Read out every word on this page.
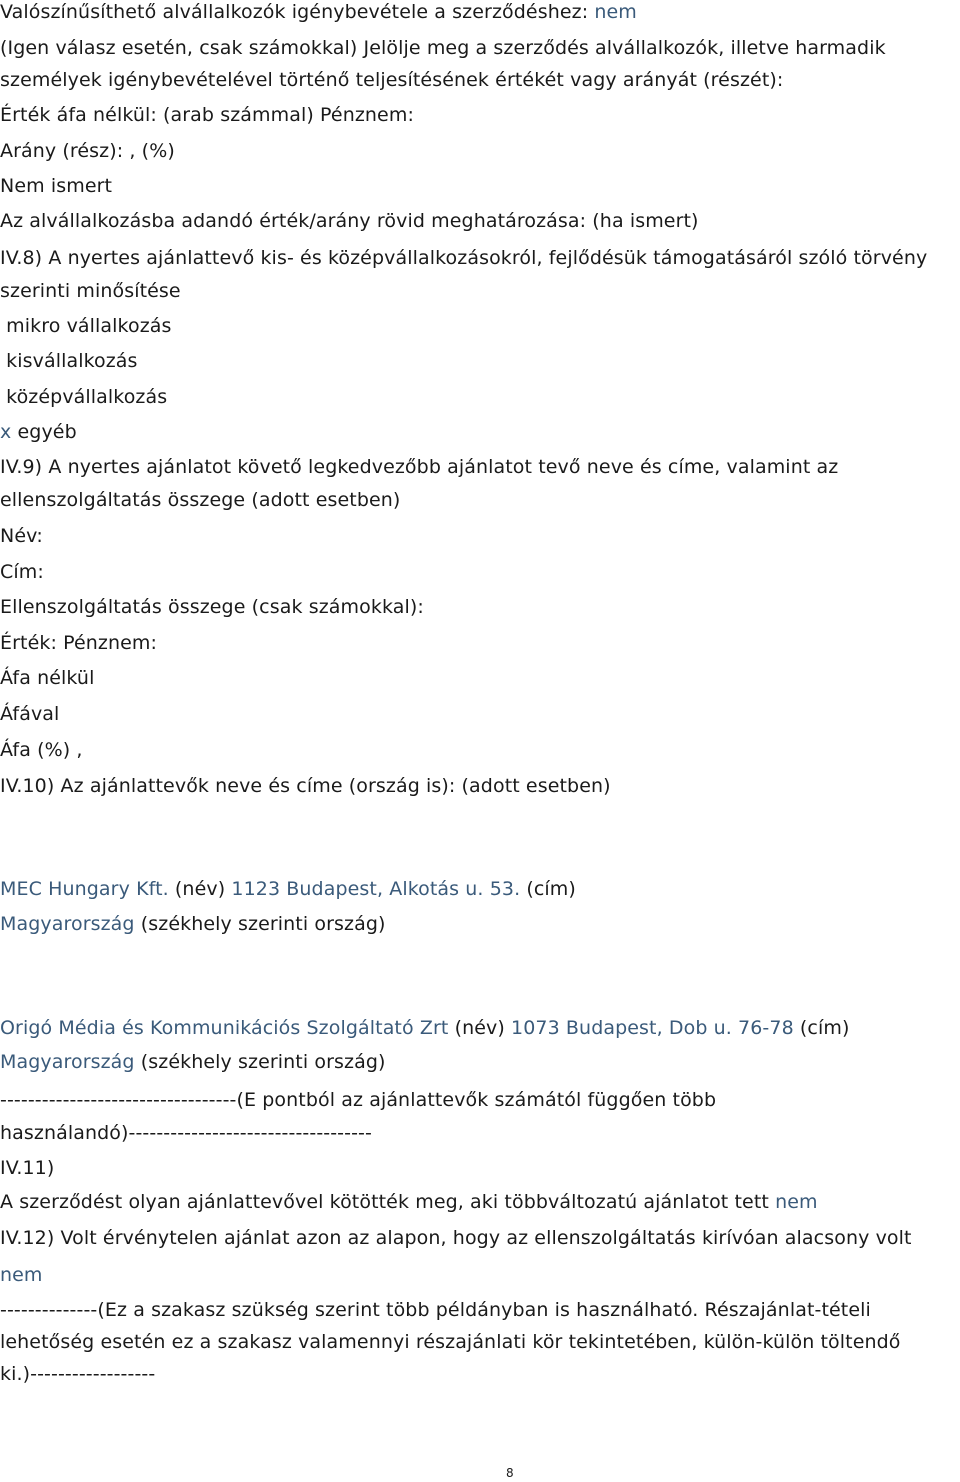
Valószínűsíthető alvállalkozók igénybevétele a szerződéshez: nem
(Igen válasz esetén, csak számokkal) Jelölje meg a szerződés alvállalkozók, illetve harmadik
személyek igénybevételével történő teljesítésének értékét vagy arányát (részét):
Érték áfa nélkül: (arab számmal) Pénznem:
Arány (rész): , (%)
Nem ismert
Az alvállalkozásba adandó érték/arány rövid meghatározása: (ha ismert)
IV.8) A nyertes ajánlattevő kis- és középvállalkozásokról, fejlődésük támogatásáról szóló törvény
szerinti minősítése
mikro vállalkozás
kisvállalkozás
középvállalkozás
x egyéb
IV.9) A nyertes ajánlatot követő legkedvezőbb ajánlatot tevő neve és címe, valamint az
ellenszolgáltatás összege (adott esetben)
Név:
Cím:
Ellenszolgáltatás összege (csak számokkal):
Érték: Pénznem:
Áfa nélkül
Áfával
Áfa (%) ,
IV.10) Az ajánlattevők neve és címe (ország is): (adott esetben)
MEC Hungary Kft. (név) 1123 Budapest, Alkotás u. 53. (cím)
Magyarország (székhely szerinti ország)
Origó Média és Kommunikációs Szolgáltató Zrt (név) 1073 Budapest, Dob u. 76-78 (cím)
Magyarország (székhely szerinti ország)
----------------------------------(E pontból az ajánlattevők számától függően több
használandó)-----------------------------------
IV.11)
A szerződést olyan ajánlattevővel kötötték meg, aki többváltozatú ajánlatot tett nem
IV.12) Volt érvénytelen ajánlat azon az alapon, hogy az ellenszolgáltatás kirívóan alacsony volt
nem
--------------(Ez a szakasz szükség szerint több példányban is használható. Részajánlat-tételi
lehetőség esetén ez a szakasz valamennyi részajánlati kör tekintetében, külön-külön töltendő
ki.)------------------
8
